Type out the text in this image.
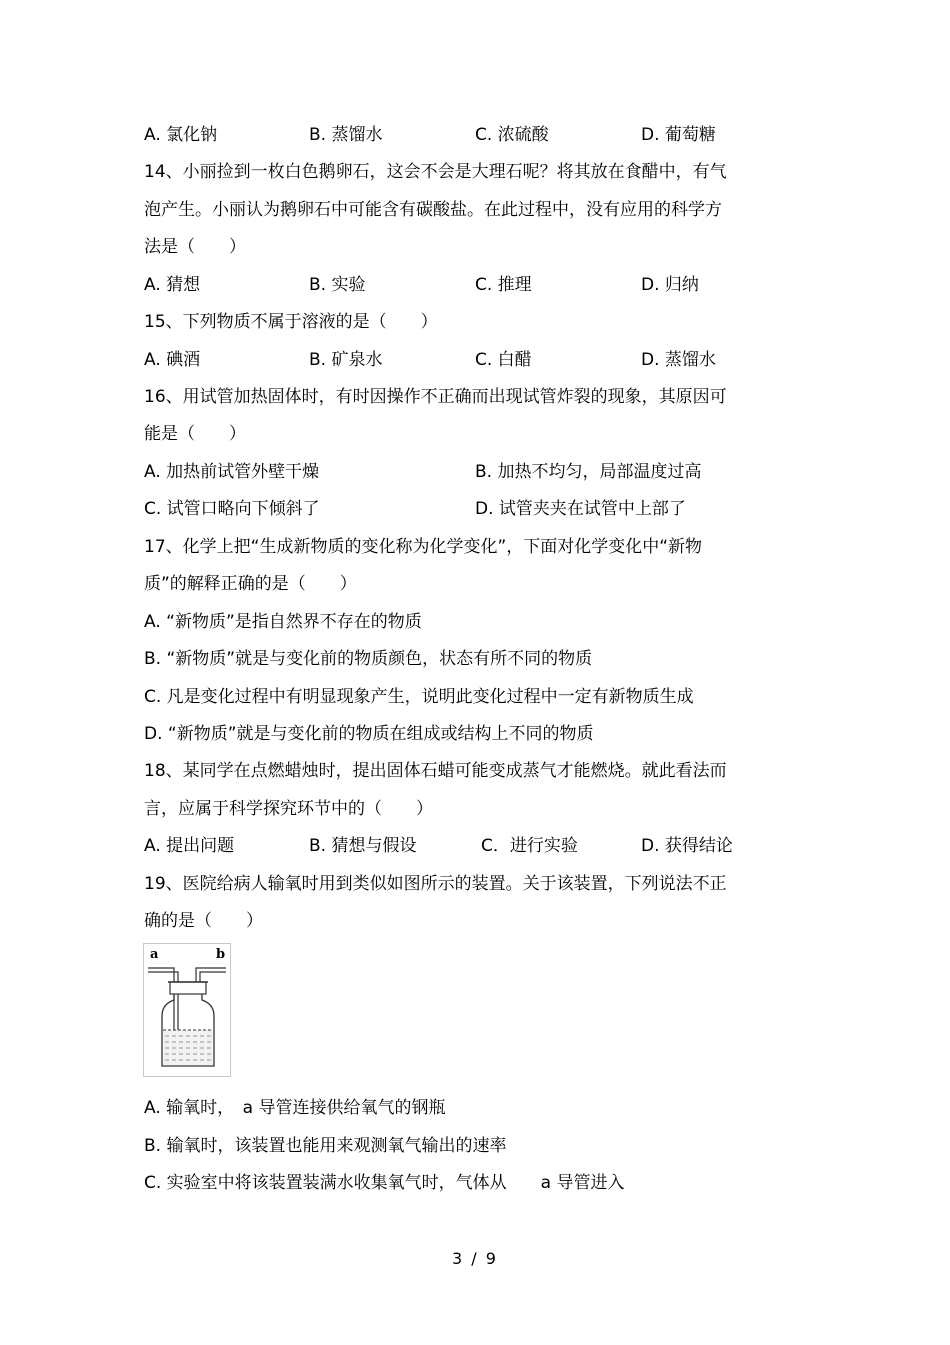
A. 氯化钠	B. 蒸馏水	C. 浓硫酸	D. 葡萄糖
14、小丽捡到一枚白色鹅卵石，这会不会是大理石呢？将其放在食醋中，有气
泡产生。小丽认为鹅卵石中可能含有碳酸盐。在此过程中，没有应用的科学方
法是（　　）
A. 猜想	B. 实验	C. 推理	D. 归纳
15、下列物质不属于溶液的是（　　）
A. 碘酒	B. 矿泉水	C. 白醋	D. 蒸馏水
16、用试管加热固体时，有时因操作不正确而出现试管炸裂的现象，其原因可
能是（　　）
A. 加热前试管外壁干燥	B. 加热不均匀，局部温度过高
C. 试管口略向下倾斜了	D. 试管夹夹在试管中上部了
17、化学上把“生成新物质的变化称为化学变化”，下面对化学变化中“新物
质”的解释正确的是（　　）
A. “新物质”是指自然界不存在的物质
B. “新物质”就是与变化前的物质颜色，状态有所不同的物质
C. 凡是变化过程中有明显现象产生，说明此变化过程中一定有新物质生成
D. “新物质”就是与变化前的物质在组成或结构上不同的物质
18、某同学在点燃蜡烛时，提出固体石蜡可能变成蒸气才能燃烧。就此看法而
言，应属于科学探究环节中的（　　）
A. 提出问题	B. 猜想与假设	C．进行实验	D. 获得结论
19、医院给病人输氧时用到类似如图所示的装置。关于该装置，下列说法不正
确的是（　　）
a	b
A. 输氧时，　a 导管连接供给氧气的钢瓶
B. 输氧时，该装置也能用来观测氧气输出的速率
C. 实验室中将该装置装满水收集氧气时，气体从　　a 导管进入
3 / 9
